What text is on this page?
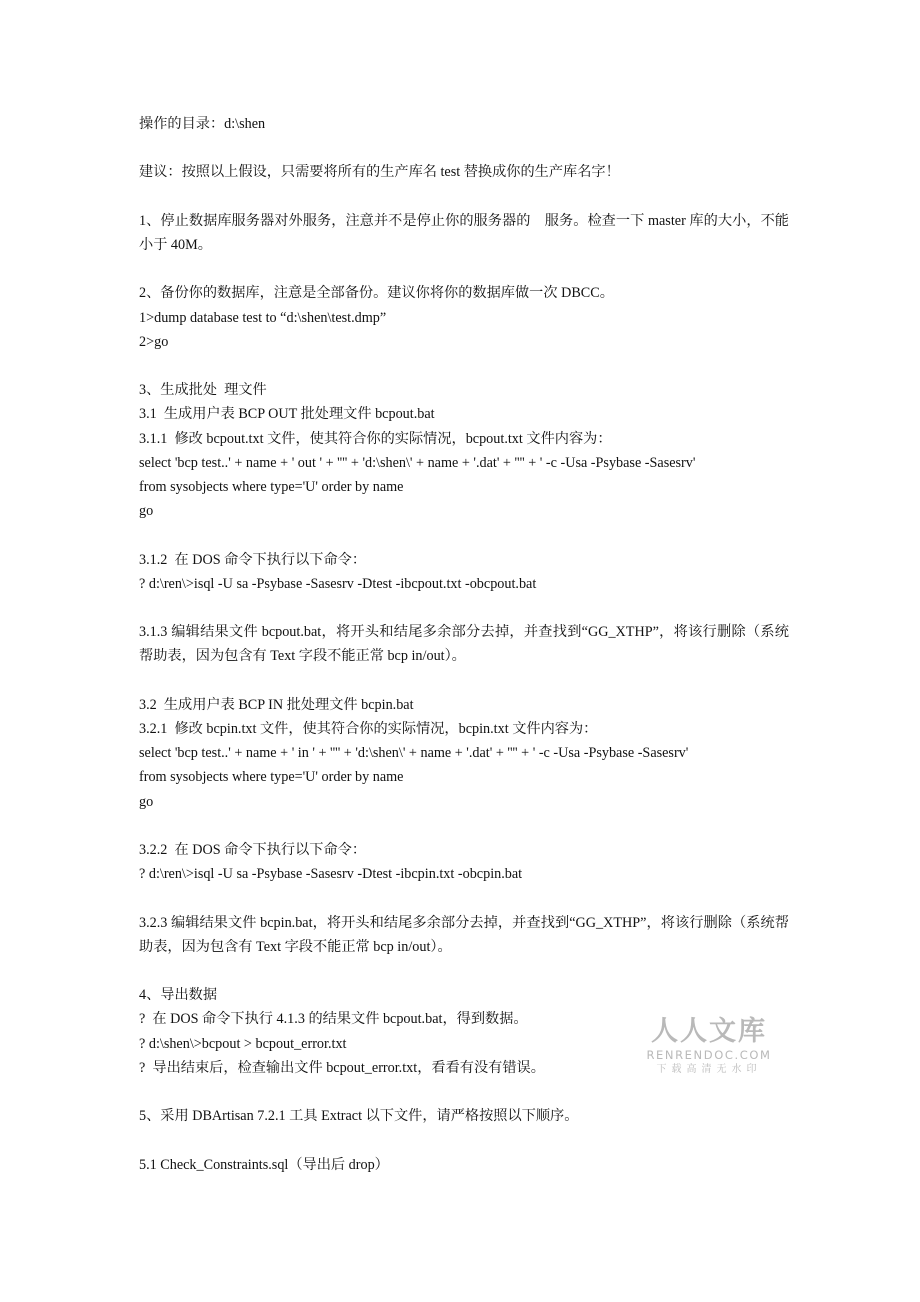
操作的目录：d:\shen
建议：按照以上假设，只需要将所有的生产库名 test 替换成你的生产库名字！
1、停止数据库服务器对外服务，注意并不是停止你的服务器的　服务。检查一下 master 库的大小，不能小于 40M。
2、备份你的数据库，注意是全部备份。建议你将你的数据库做一次 DBCC。
1>dump database test to “d:\shen\test.dmp”
2>go
3、生成批处  理文件
3.1  生成用户表 BCP OUT 批处理文件 bcpout.bat
3.1.1  修改 bcpout.txt 文件，使其符合你的实际情况，bcpout.txt 文件内容为：
select 'bcp test..' + name + ' out ' + '''' + 'd:\shen\' + name + '.dat' + '''' + ' -c -Usa -Psybase -Sasesrv'
from sysobjects where type='U' order by name
go
3.1.2  在 DOS 命令下执行以下命令：
? d:\ren\>isql -U sa -Psybase -Sasesrv -Dtest -ibcpout.txt -obcpout.bat
3.1.3 编辑结果文件 bcpout.bat，将开头和结尾多余部分去掉，并查找到“GG_XTHP”，将该行删除（系统帮助表，因为包含有 Text 字段不能正常 bcp in/out）。
3.2  生成用户表 BCP IN 批处理文件 bcpin.bat
3.2.1  修改 bcpin.txt 文件，使其符合你的实际情况，bcpin.txt 文件内容为：
select 'bcp test..' + name + ' in ' + '''' + 'd:\shen\' + name + '.dat' + '''' + ' -c -Usa -Psybase -Sasesrv'
from sysobjects where type='U' order by name
go
3.2.2  在 DOS 命令下执行以下命令：
? d:\ren\>isql -U sa -Psybase -Sasesrv -Dtest -ibcpin.txt -obcpin.bat
3.2.3 编辑结果文件 bcpin.bat，将开头和结尾多余部分去掉，并查找到“GG_XTHP”，将该行删除（系统帮助表，因为包含有 Text 字段不能正常 bcp in/out）。
4、导出数据
?  在 DOS 命令下执行 4.1.3 的结果文件 bcpout.bat，得到数据。
? d:\shen\>bcpout > bcpout_error.txt
?  导出结束后，检查输出文件 bcpout_error.txt，看看有没有错误。
5、采用 DBArtisan 7.2.1 工具 Extract 以下文件，请严格按照以下顺序。
5.1 Check_Constraints.sql（导出后 drop）
人人文库
RENRENDOC.COM
下载高清无水印
